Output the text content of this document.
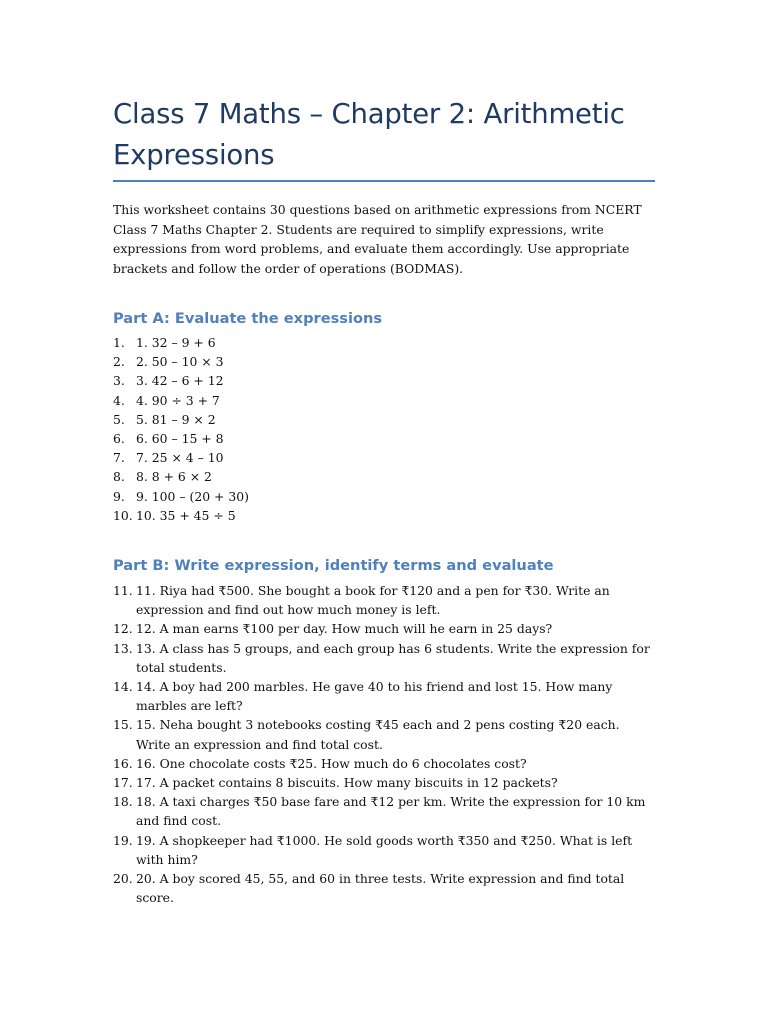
Class 7 Maths – Chapter 2: Arithmetic Expressions

This worksheet contains 30 questions based on arithmetic expressions from NCERT Class 7 Maths Chapter 2. Students are required to simplify expressions, write expressions from word problems, and evaluate them accordingly. Use appropriate brackets and follow the order of operations (BODMAS).

Part A: Evaluate the expressions
1. 1. 32 – 9 + 6
2. 2. 50 – 10 × 3
3. 3. 42 – 6 + 12
4. 4. 90 ÷ 3 + 7
5. 5. 81 – 9 × 2
6. 6. 60 – 15 + 8
7. 7. 25 × 4 – 10
8. 8. 8 + 6 × 2
9. 9. 100 – (20 + 30)
10. 10. 35 + 45 ÷ 5
Part B: Write expression, identify terms and evaluate
11. 11. Riya had ₹500. She bought a book for ₹120 and a pen for ₹30. Write an expression and find out how much money is left.
12. 12. A man earns ₹100 per day. How much will he earn in 25 days?
13. 13. A class has 5 groups, and each group has 6 students. Write the expression for total students.
14. 14. A boy had 200 marbles. He gave 40 to his friend and lost 15. How many marbles are left?
15. 15. Neha bought 3 notebooks costing ₹45 each and 2 pens costing ₹20 each. Write an expression and find total cost.
16. 16. One chocolate costs ₹25. How much do 6 chocolates cost?
17. 17. A packet contains 8 biscuits. How many biscuits in 12 packets?
18. 18. A taxi charges ₹50 base fare and ₹12 per km. Write the expression for 10 km and find cost.
19. 19. A shopkeeper had ₹1000. He sold goods worth ₹350 and ₹250. What is left with him?
20. 20. A boy scored 45, 55, and 60 in three tests. Write expression and find total score.
